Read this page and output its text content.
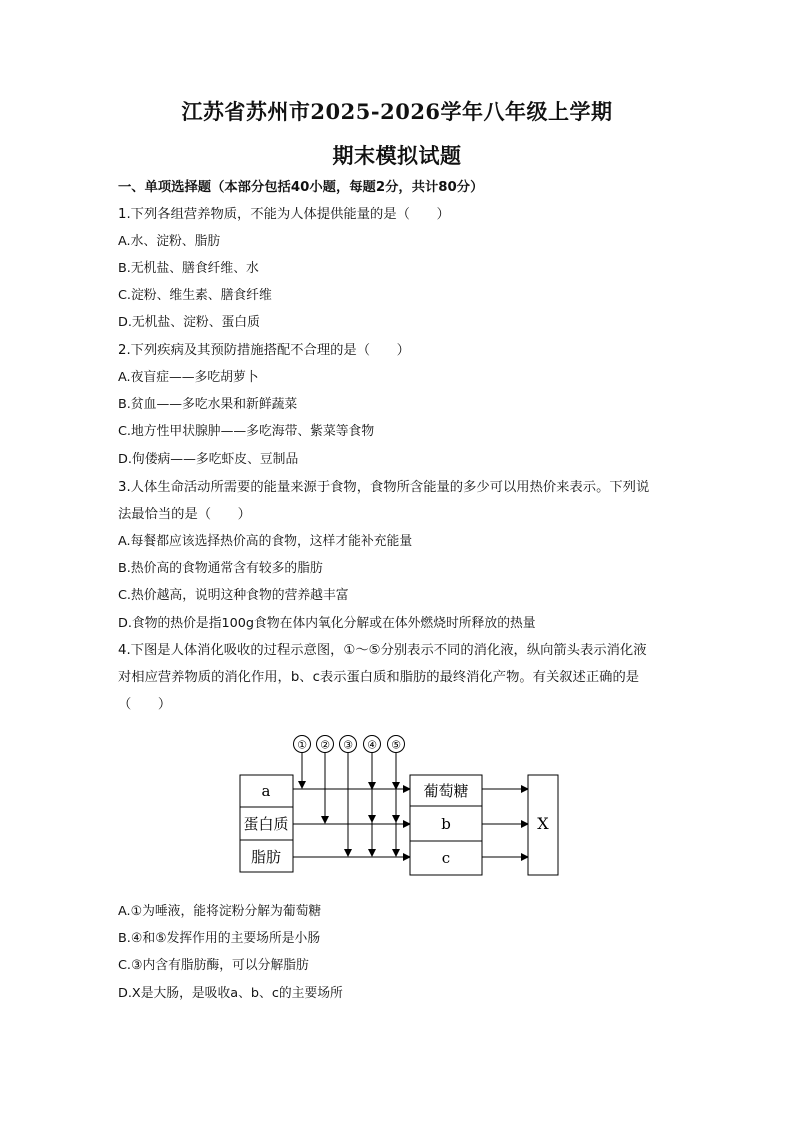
江苏省苏州市2025-2026学年八年级上学期
期末模拟试题
一、单项选择题（本部分包括40小题，每题2分，共计80分）
1.下列各组营养物质，不能为人体提供能量的是（　　）
A.水、淀粉、脂肪
B.无机盐、膳食纤维、水
C.淀粉、维生素、膳食纤维
D.无机盐、淀粉、蛋白质
2.下列疾病及其预防措施搭配不合理的是（　　）
A.夜盲症——多吃胡萝卜
B.贫血——多吃水果和新鲜蔬菜
C.地方性甲状腺肿——多吃海带、紫菜等食物
D.佝偻病——多吃虾皮、豆制品
3.人体生命活动所需要的能量来源于食物，食物所含能量的多少可以用热价来表示。下列说
法最恰当的是（　　）
A.每餐都应该选择热价高的食物，这样才能补充能量
B.热价高的食物通常含有较多的脂肪
C.热价越高，说明这种食物的营养越丰富
D.食物的热价是指100g食物在体内氧化分解或在体外燃烧时所释放的热量
4.下图是人体消化吸收的过程示意图，①～⑤分别表示不同的消化液，纵向箭头表示消化液
对相应营养物质的消化作用，b、c表示蛋白质和脂肪的最终消化产物。有关叙述正确的是
（　　）
① ② ③ ④ ⑤
a
蛋白质
脂肪
葡萄糖
b
c
X
A.①为唾液，能将淀粉分解为葡萄糖
B.④和⑤发挥作用的主要场所是小肠
C.③内含有脂肪酶，可以分解脂肪
D.X是大肠，是吸收a、b、c的主要场所
